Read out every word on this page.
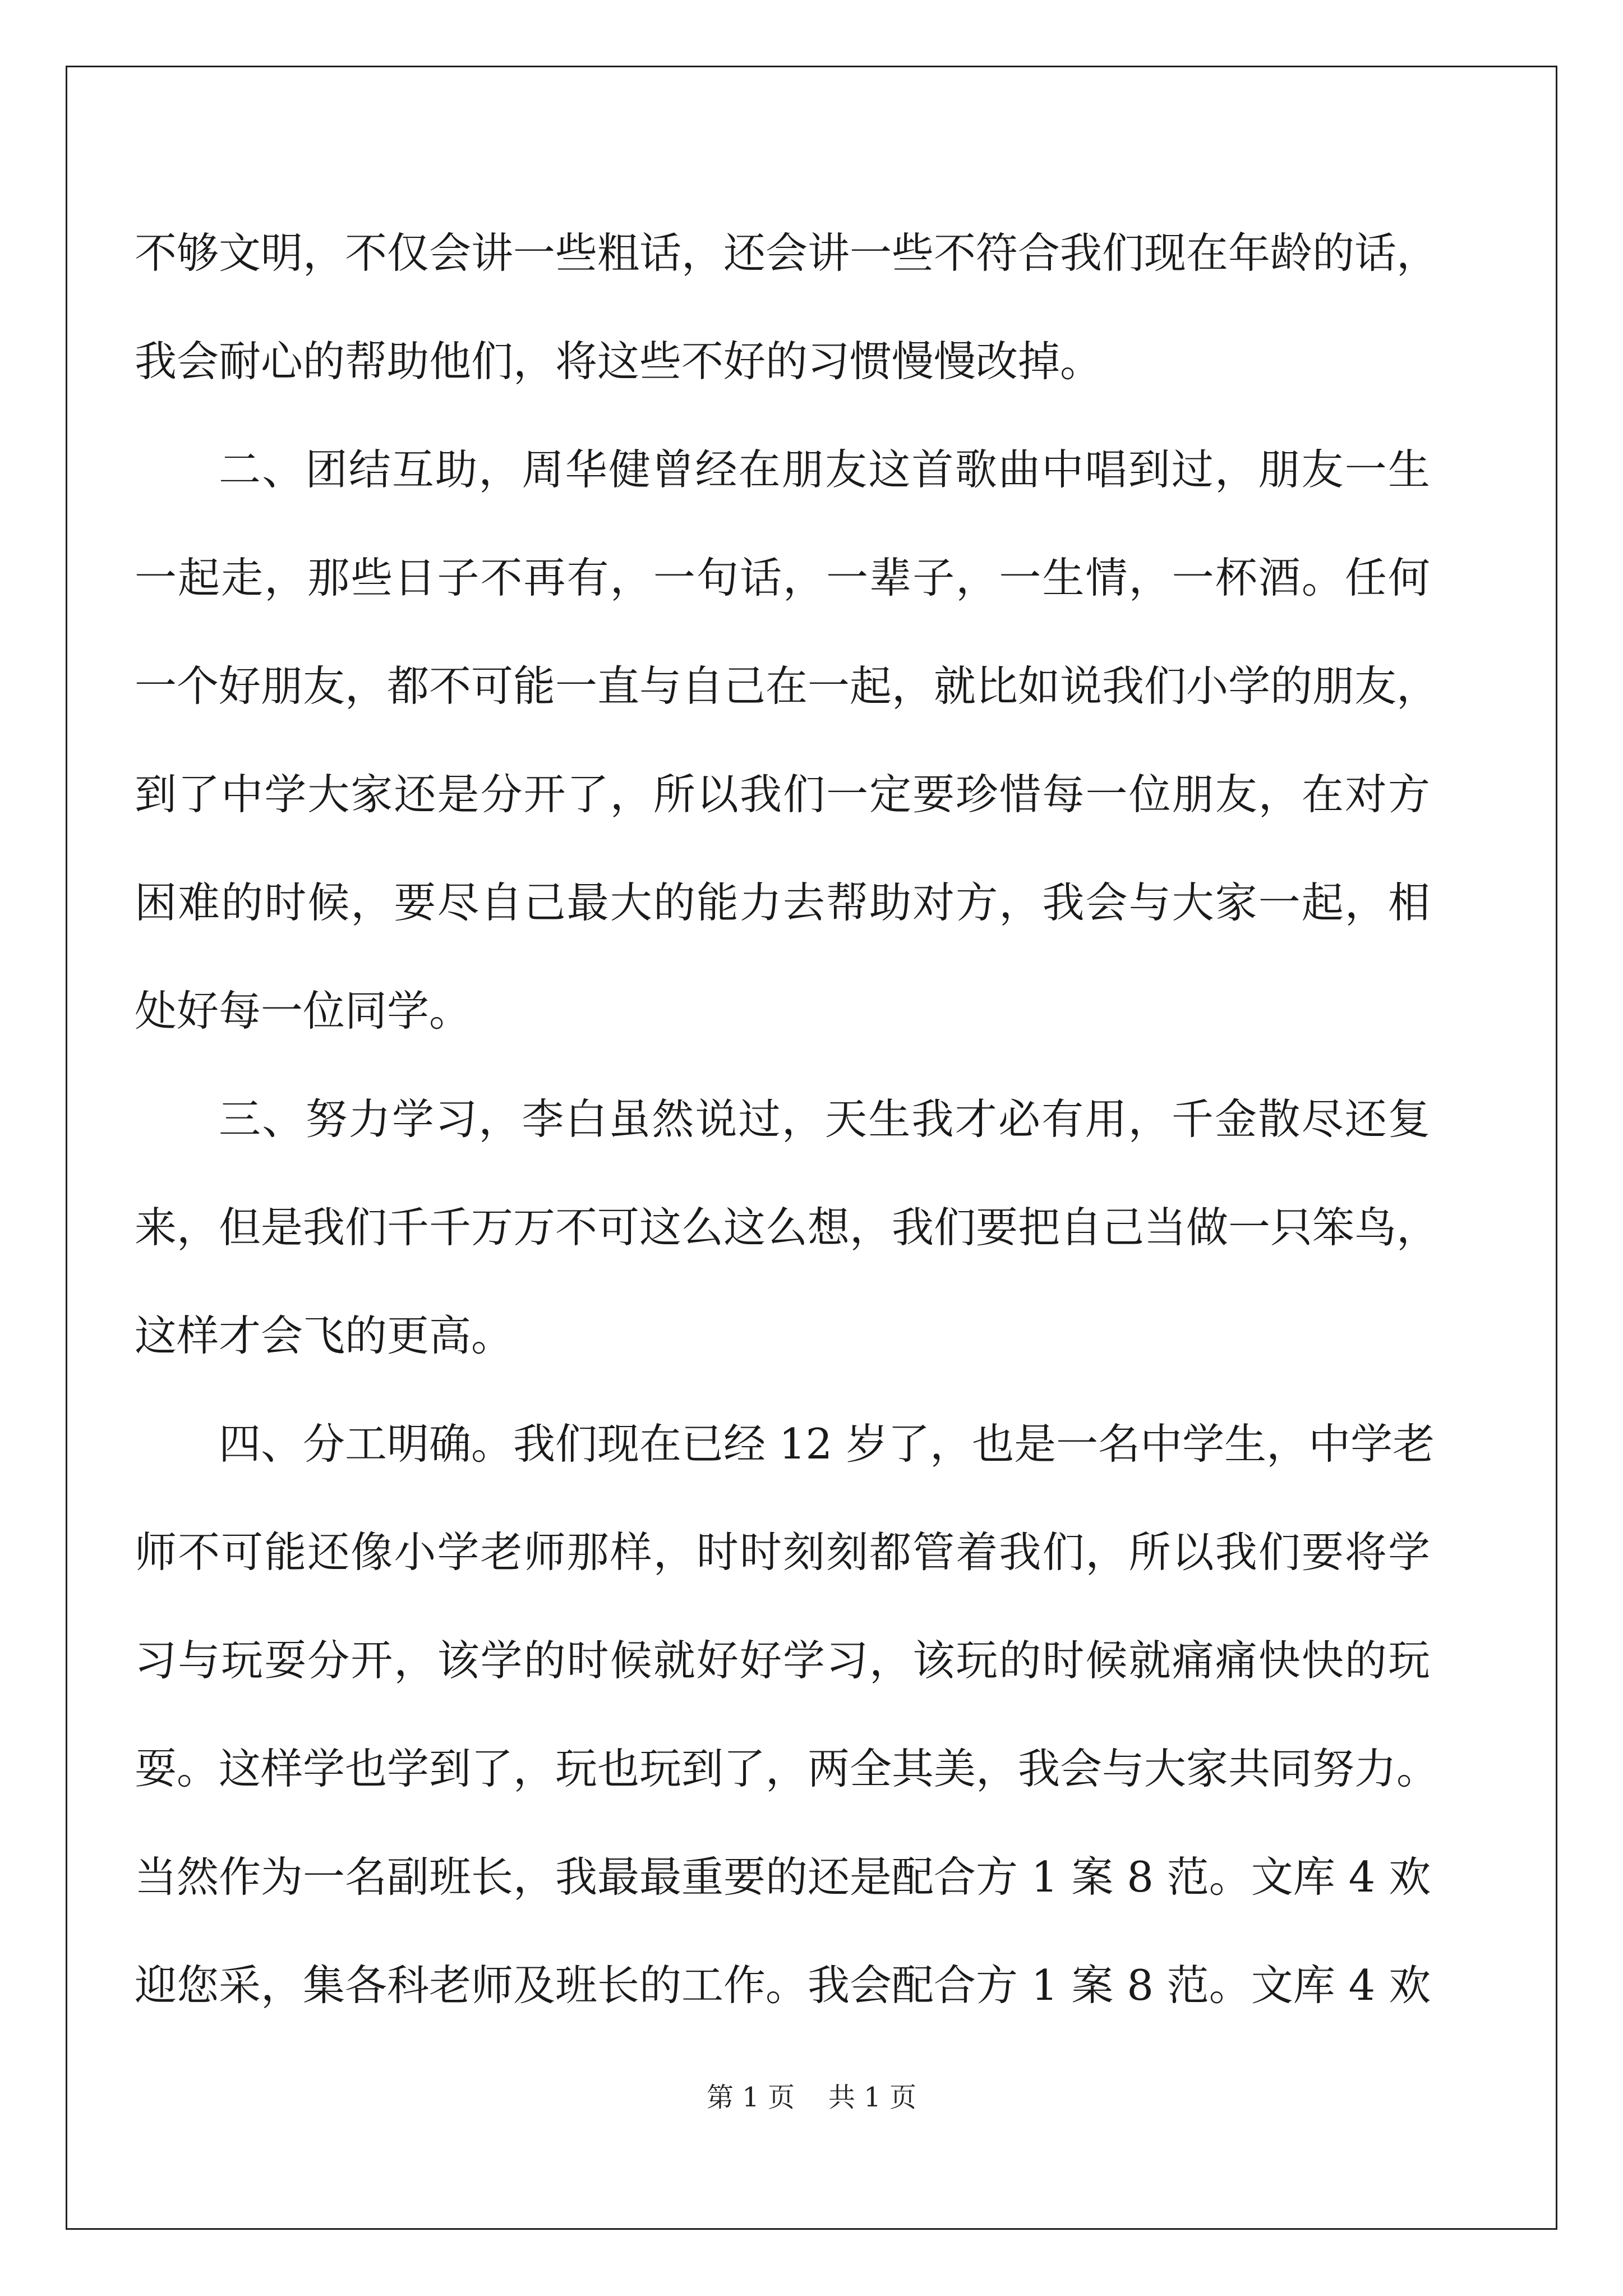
不够文明，不仅会讲一些粗话，还会讲一些不符合我们现在年龄的话，
我会耐心的帮助他们，将这些不好的习惯慢慢改掉。
二、团结互助，周华健曾经在朋友这首歌曲中唱到过，朋友一生
一起走，那些日子不再有，一句话，一辈子，一生情，一杯酒。任何
一个好朋友，都不可能一直与自己在一起，就比如说我们小学的朋友，
到了中学大家还是分开了，所以我们一定要珍惜每一位朋友，在对方
困难的时候，要尽自己最大的能力去帮助对方，我会与大家一起，相
处好每一位同学。
三、努力学习，李白虽然说过，天生我才必有用，千金散尽还复
来，但是我们千千万万不可这么这么想，我们要把自己当做一只笨鸟，
这样才会飞的更高。
四、分工明确。我们现在已经 12 岁了，也是一名中学生，中学老
师不可能还像小学老师那样，时时刻刻都管着我们，所以我们要将学
习与玩耍分开，该学的时候就好好学习，该玩的时候就痛痛快快的玩
耍。这样学也学到了，玩也玩到了，两全其美，我会与大家共同努力。
当然作为一名副班长，我最最重要的还是配合方 1 案 8 范。文库 4 欢
迎您采，集各科老师及班长的工作。我会配合方 1 案 8 范。文库 4 欢
第 1 页 共 1 页
